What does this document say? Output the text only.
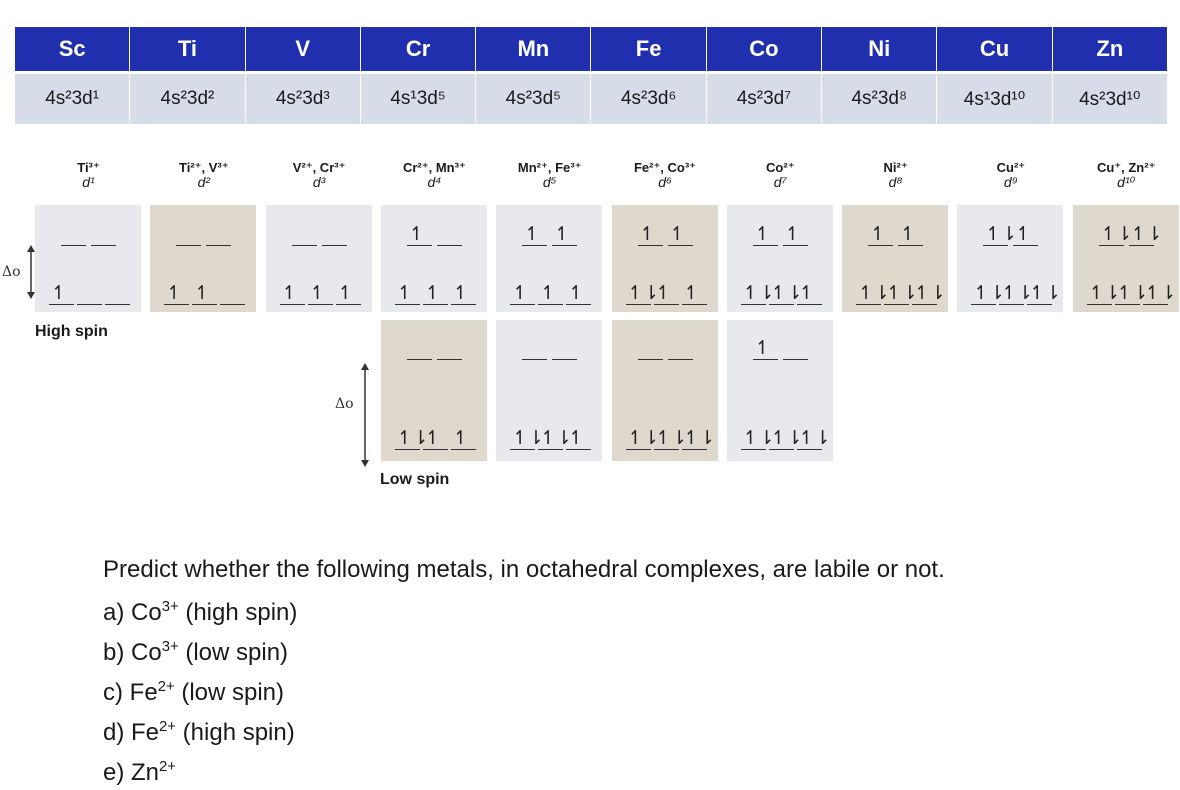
Sc	Ti	V	Cr	Mn	Fe	Co	Ni	Cu	Zn
4s²3d¹	4s²3d²	4s²3d³	4s¹3d⁵	4s²3d⁵	4s²3d⁶	4s²3d⁷	4s²3d⁸	4s¹3d¹⁰	4s²3d¹⁰
Ti³⁺
d¹
Ti²⁺, V³⁺
d²
V²⁺, Cr³⁺
d³
Cr²⁺, Mn³⁺
d⁴
Mn²⁺, Fe³⁺
d⁵
Fe²⁺, Co³⁺
d⁶
Co²⁺
d⁷
Ni²⁺
d⁸
Cu²⁺
d⁹
Cu⁺, Zn²⁺
d¹⁰
↿	↿ ↿	↿ ↿ ↿
↿
↿ ↿ ↿
↿ ↿
↿ ↿ ↿
↿ ↿
↿⇂
↿ ↿
↿ ↿
↿⇂
↿⇂
↿
↿ ↿
↿⇂
↿⇂
↿⇂
↿⇂
↿
↿⇂
↿⇂
↿⇂
↿⇂
↿⇂
↿⇂
↿⇂
↿⇂
↿⇂
↿ ↿ ↿⇂
↿⇂
↿ ↿⇂
↿⇂
↿⇂
↿
↿⇂
↿⇂
↿⇂
High spin
Low spin
Δo
Δo
Predict whether the following metals, in octahedral complexes, are labile or not.
a) $Co^{3+}$ (high spin)
b) $Co^{3+}$ (low spin)
c) $Fe^{2+}$ (low spin)
d) $Fe^{2+}$ (high spin)
e) $Zn^{2+}$
